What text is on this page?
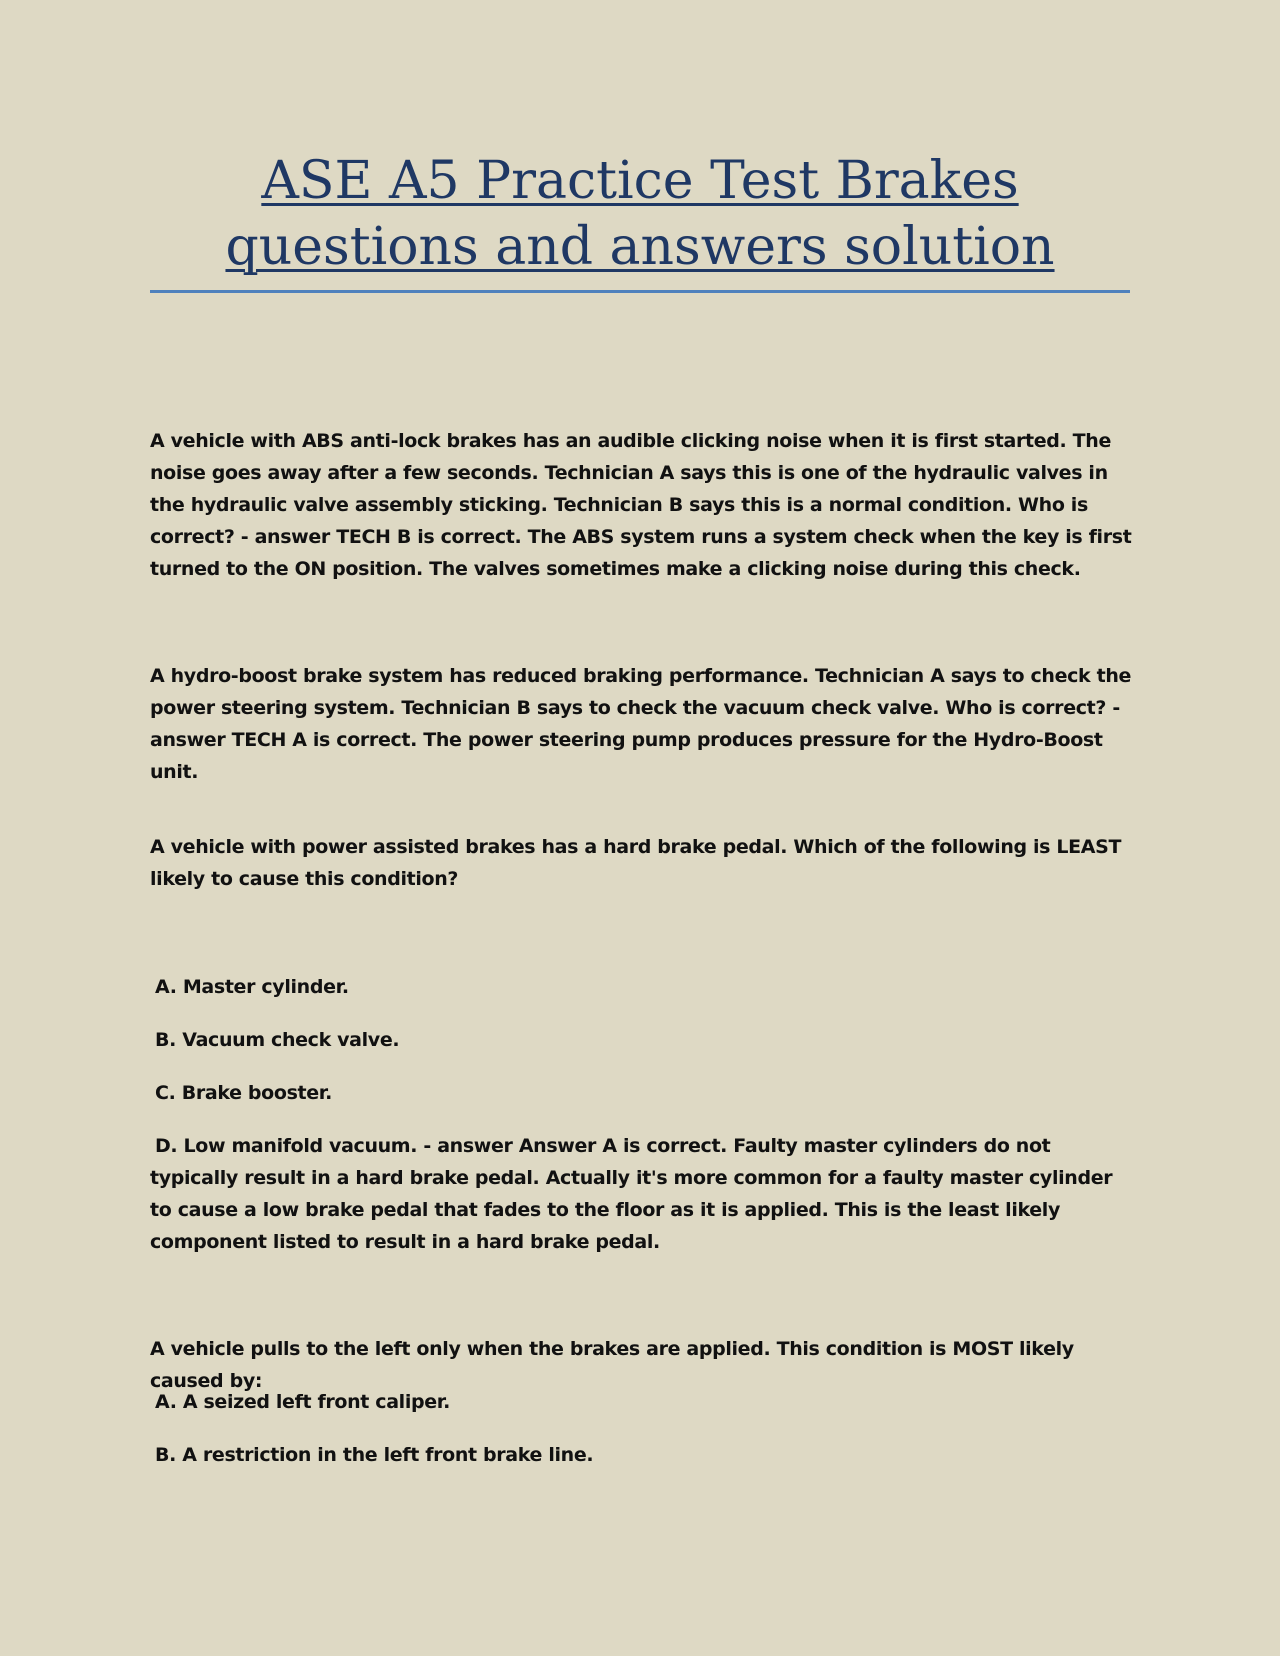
ASE A5 Practice Test Brakes questions and answers solution

A vehicle with ABS anti-lock brakes has an audible clicking noise when it is first started. The noise goes away after a few seconds. Technician A says this is one of the hydraulic valves in the hydraulic valve assembly sticking. Technician B says this is a normal condition. Who is correct? - answer TECH B is correct. The ABS system runs a system check when the key is first turned to the ON position. The valves sometimes make a clicking noise during this check.

A hydro-boost brake system has reduced braking performance. Technician A says to check the power steering system. Technician B says to check the vacuum check valve. Who is correct? - answer TECH A is correct. The power steering pump produces pressure for the Hydro-Boost unit.

A vehicle with power assisted brakes has a hard brake pedal. Which of the following is LEAST likely to cause this condition?

A. Master cylinder.

B. Vacuum check valve.

C. Brake booster.

D. Low manifold vacuum. - answer Answer A is correct. Faulty master cylinders do not typically result in a hard brake pedal. Actually it's more common for a faulty master cylinder to cause a low brake pedal that fades to the floor as it is applied. This is the least likely component listed to result in a hard brake pedal.

A vehicle pulls to the left only when the brakes are applied. This condition is MOST likely caused by:

A. A seized left front caliper.

B. A restriction in the left front brake line.
